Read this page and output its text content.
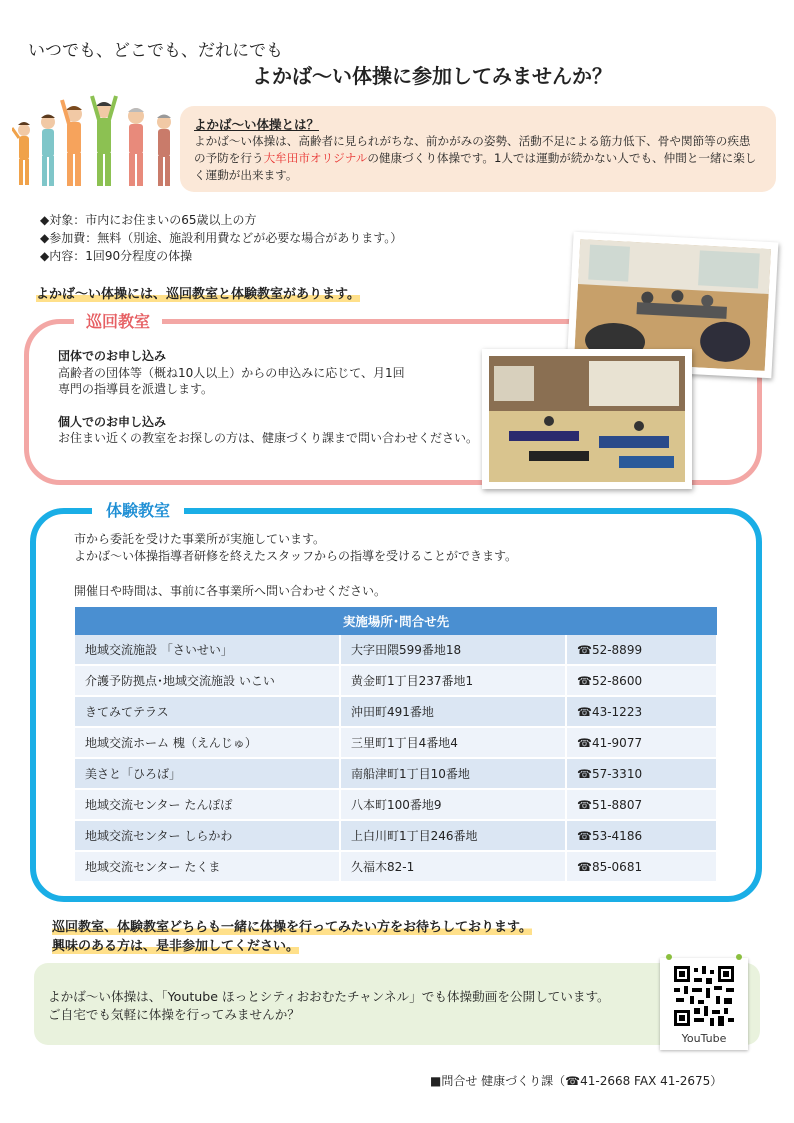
いつでも、どこでも、だれにでも
よかば～い体操に参加してみませんか？
よかば～い体操とは？
よかば～い体操は、高齢者に見られがちな、前かがみの姿勢、活動不足による筋力低下、骨や関節等の疾患の予防を行う大牟田市オリジナルの健康づくり体操です。1人では運動が続かない人でも、仲間と一緒に楽しく運動が出来ます。
◆対象：市内にお住まいの65歳以上の方
◆参加費：無料（別途、施設利用費などが必要な場合があります。）
◆内容：1回90分程度の体操
よかば～い体操には、巡回教室と体験教室があります。
巡回教室
団体でのお申し込み
高齢者の団体等（概ね10人以上）からの申込みに応じて、月1回
専門の指導員を派遣します。
個人でのお申し込み
お住まい近くの教室をお探しの方は、健康づくり課まで問い合わせください。
体験教室
市から委託を受けた事業所が実施しています。
よかば～い体操指導者研修を終えたスタッフからの指導を受けることができます。
開催日や時間は、事前に各事業所へ問い合わせください。
実施場所･問合せ先		
地域交流施設 「さいせい」	大字田隈599番地18	☎52-8899
介護予防拠点･地域交流施設 いこい	黄金町1丁目237番地1	☎52-8600
きてみてテラス	沖田町491番地	☎43-1223
地域交流ホーム 槐（えんじゅ）	三里町1丁目4番地4	☎41-9077
美さと「ひろば」	南船津町1丁目10番地	☎57-3310
地域交流センター たんぽぽ	八本町100番地9	☎51-8807
地域交流センター しらかわ	上白川町1丁目246番地	☎53-4186
地域交流センター たくま	久福木82-1	☎85-0681
巡回教室、体験教室どちらも一緒に体操を行ってみたい方をお待ちしております。
興味のある方は、是非参加してください。
よかば～い体操は、「Youtube ほっとシティおおむたチャンネル」でも体操動画を公開しています。
ご自宅でも気軽に体操を行ってみませんか？
YouTube
■問合せ 健康づくり課（☎41-2668 FAX 41-2675）
